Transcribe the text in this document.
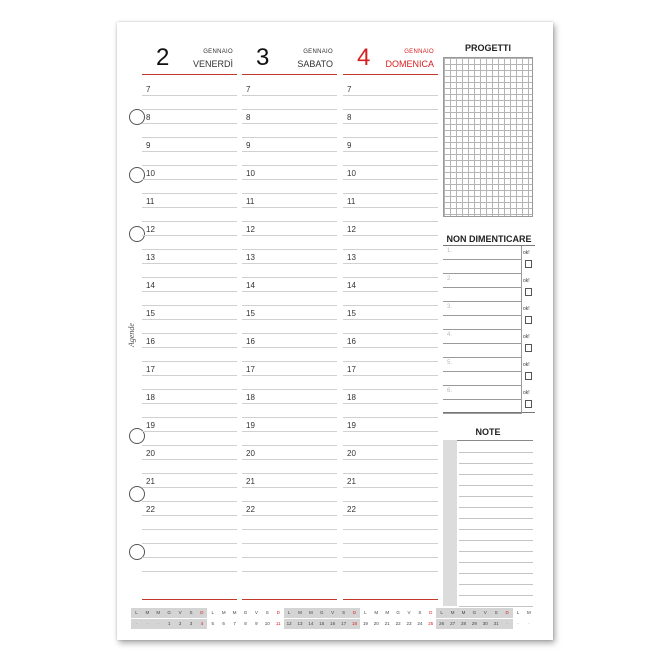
Agende
2	GENNAIO
VENERDÌ
7
8
9
10
11
12
13
14
15
16
17
18
19
20
21
22
3	GENNAIO
SABATO
7
8
9
10
11
12
13
14
15
16
17
18
19
20
21
22
4	GENNAIO
DOMENICA
7
8
9
10
11
12
13
14
15
16
17
18
19
20
21
22
PROGETTI
NON DIMENTICARE
1.	ok!
2.	ok!
3.	ok!
4.	ok!
5.	ok!
6.	ok!
NOTE
L	M	M	G	V	S	D	L	M	M	G	V	S	D	L	M	M	G	V	S	D	L	M	M	G	V	S	D	L	M	M	G	V	S	D	L	M
-	-	-	1	2	3	4	5	6	7	8	9	10	11	12	13	14	15	16	17	18	19	20	21	22	23	24	25	26	27	28	29	30	31	-	-	-
